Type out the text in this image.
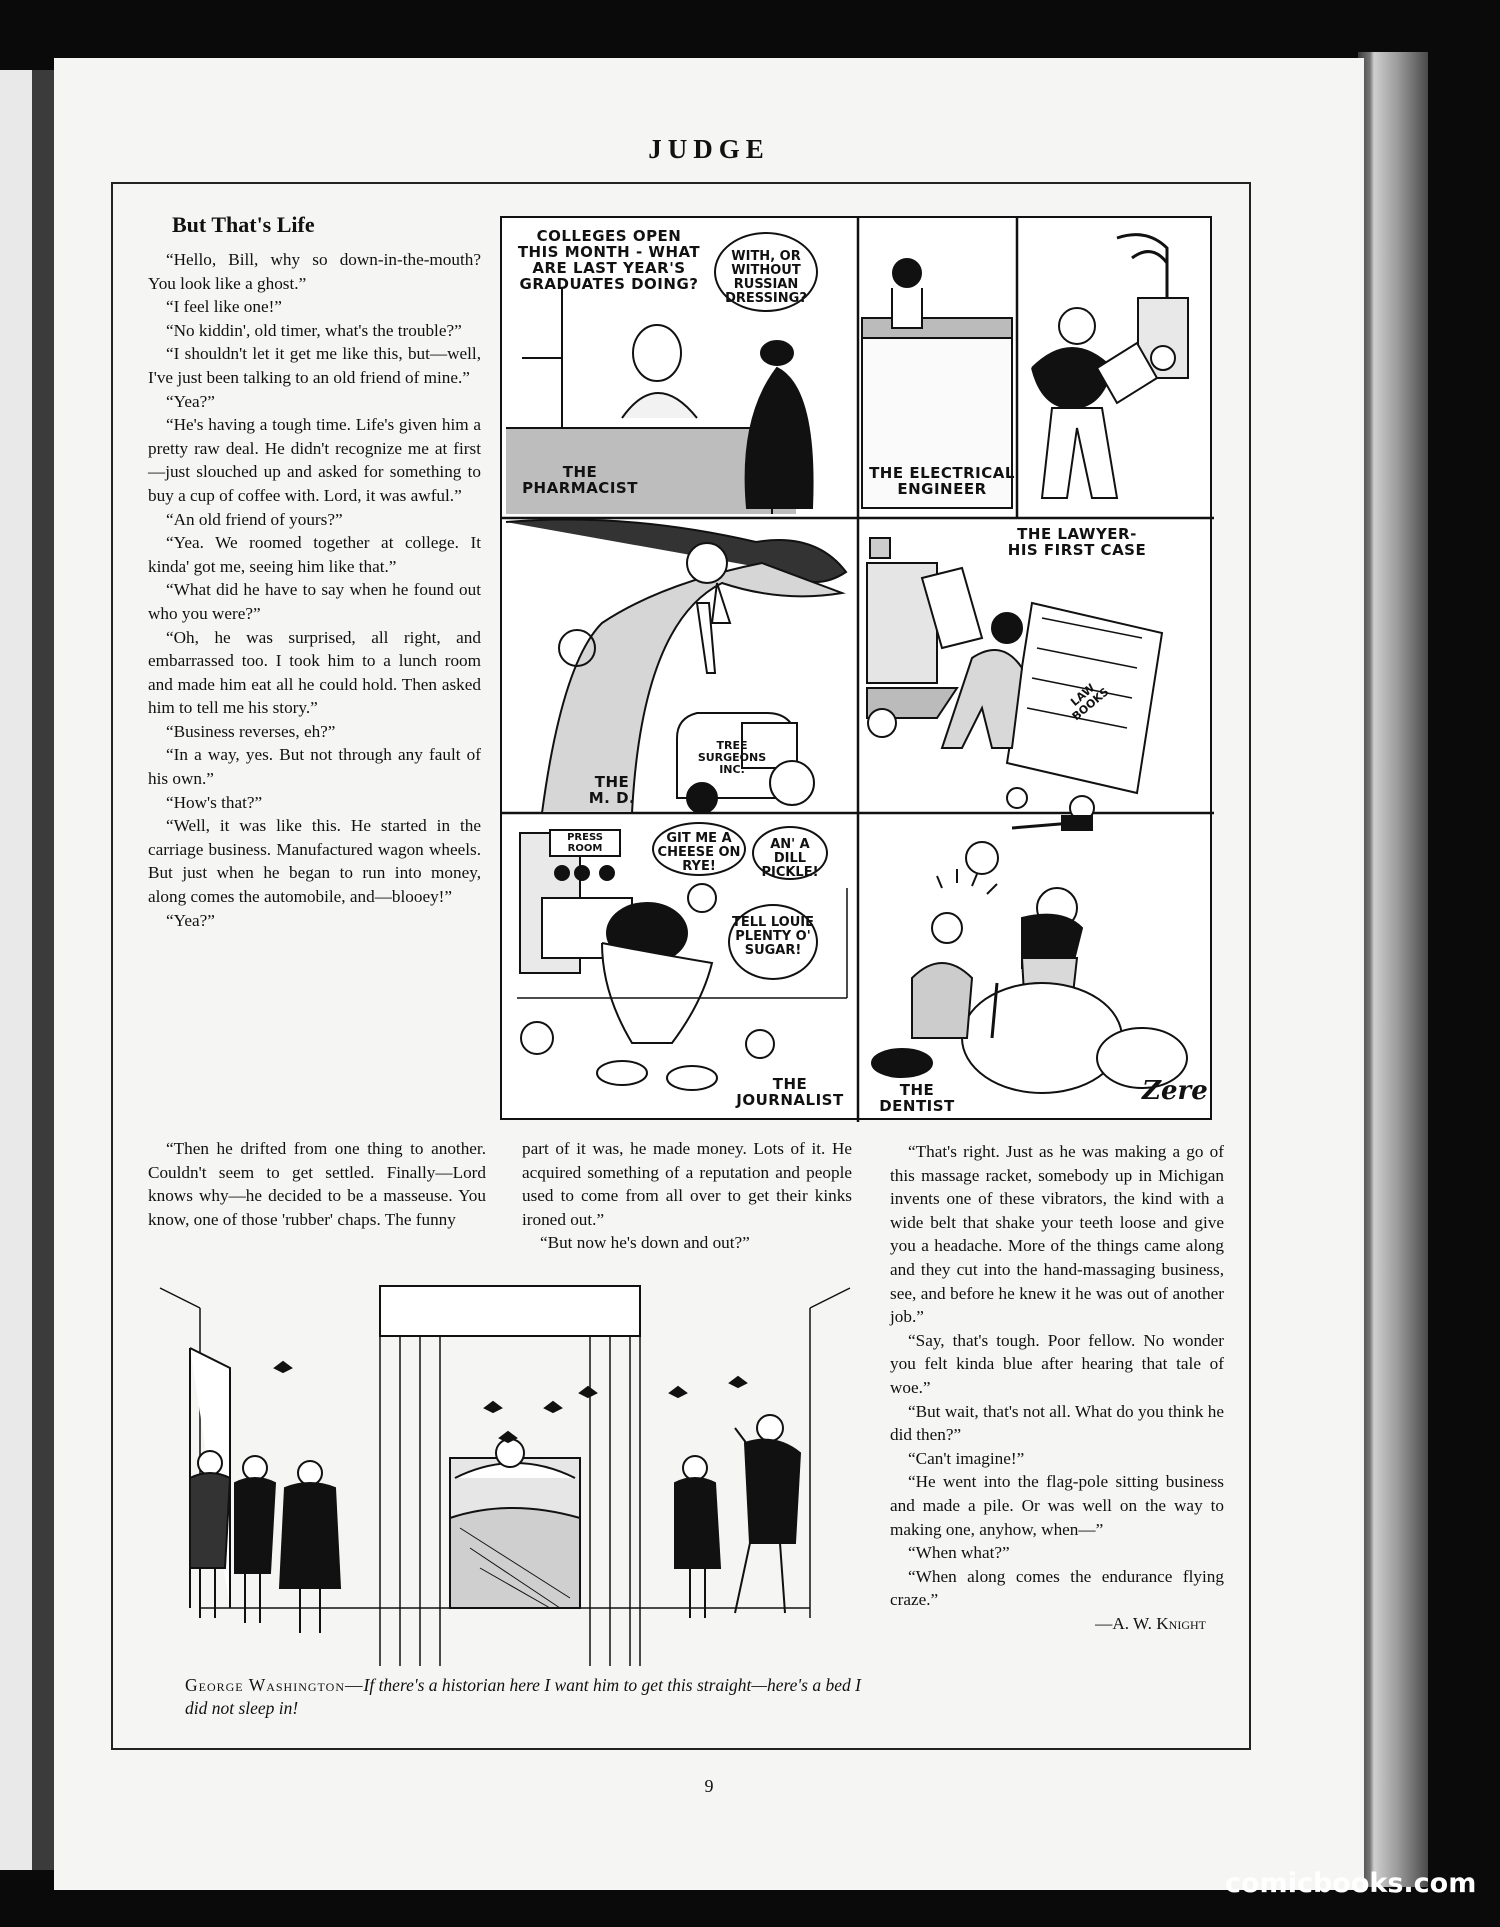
JUDGE
9
But That's Life

“Hello, Bill, why so down-in-the-mouth? You look like a ghost.”

“I feel like one!”

“No kiddin', old timer, what's the trouble?”

“I shouldn't let it get me like this, but—well, I've just been talking to an old friend of mine.”

“Yea?”

“He's having a tough time. Life's given him a pretty raw deal. He didn't recognize me at first—just slouched up and asked for something to buy a cup of coffee with. Lord, it was awful.”

“An old friend of yours?”

“Yea. We roomed together at college. It kinda' got me, seeing him like that.”

“What did he have to say when he found out who you were?”

“Oh, he was surprised, all right, and embarrassed too. I took him to a lunch room and made him eat all he could hold. Then asked him to tell me his story.”

“Business reverses, eh?”

“In a way, yes. But not through any fault of his own.”

“How's that?”

“Well, it was like this. He started in the carriage business. Manufactured wagon wheels. But just when he began to run into money, along comes the automobile, and—blooey!”

“Yea?”

“Then he drifted from one thing to another. Couldn't seem to get settled. Finally—Lord knows why—he decided to be a masseuse. You know, one of those 'rubber' chaps. The funny

part of it was, he made money. Lots of it. He acquired something of a reputation and people used to come from all over to get their kinks ironed out.”

“But now he's down and out?”

“That's right. Just as he was making a go of this massage racket, somebody up in Michigan invents one of these vibrators, the kind with a wide belt that shake your teeth loose and give you a headache. More of the things came along and they cut into the hand-massaging business, see, and before he knew it he was out of another job.”

“Say, that's tough. Poor fellow. No wonder you felt kinda blue after hearing that tale of woe.”

“But wait, that's not all. What do you think he did then?”

“Can't imagine!”

“He went into the flag-pole sitting business and made a pile. Or was well on the way to making one, anyhow, when—”

“When what?”

“When along comes the endurance flying craze.”

—A. W. Knight

COLLEGES OPEN THIS MONTH - WHAT ARE LAST YEAR'S GRADUATES DOING?
WITH, OR WITHOUT RUSSIAN DRESSING?
THE PHARMACIST
THE ELECTRICAL ENGINEER
THE M. D.
TREE SURGEONS INC.
THE LAWYER- HIS FIRST CASE
LAW BOOKS
PRESS ROOM
GIT ME A CHEESE ON RYE!
AN' A DILL PICKLE!
TELL LOUIE PLENTY O' SUGAR!
THE JOURNALIST
THE DENTIST	Zere
George Washington—If there's a historian here I want him to get this straight—here's a bed I did not sleep in!
comicbooks.com
